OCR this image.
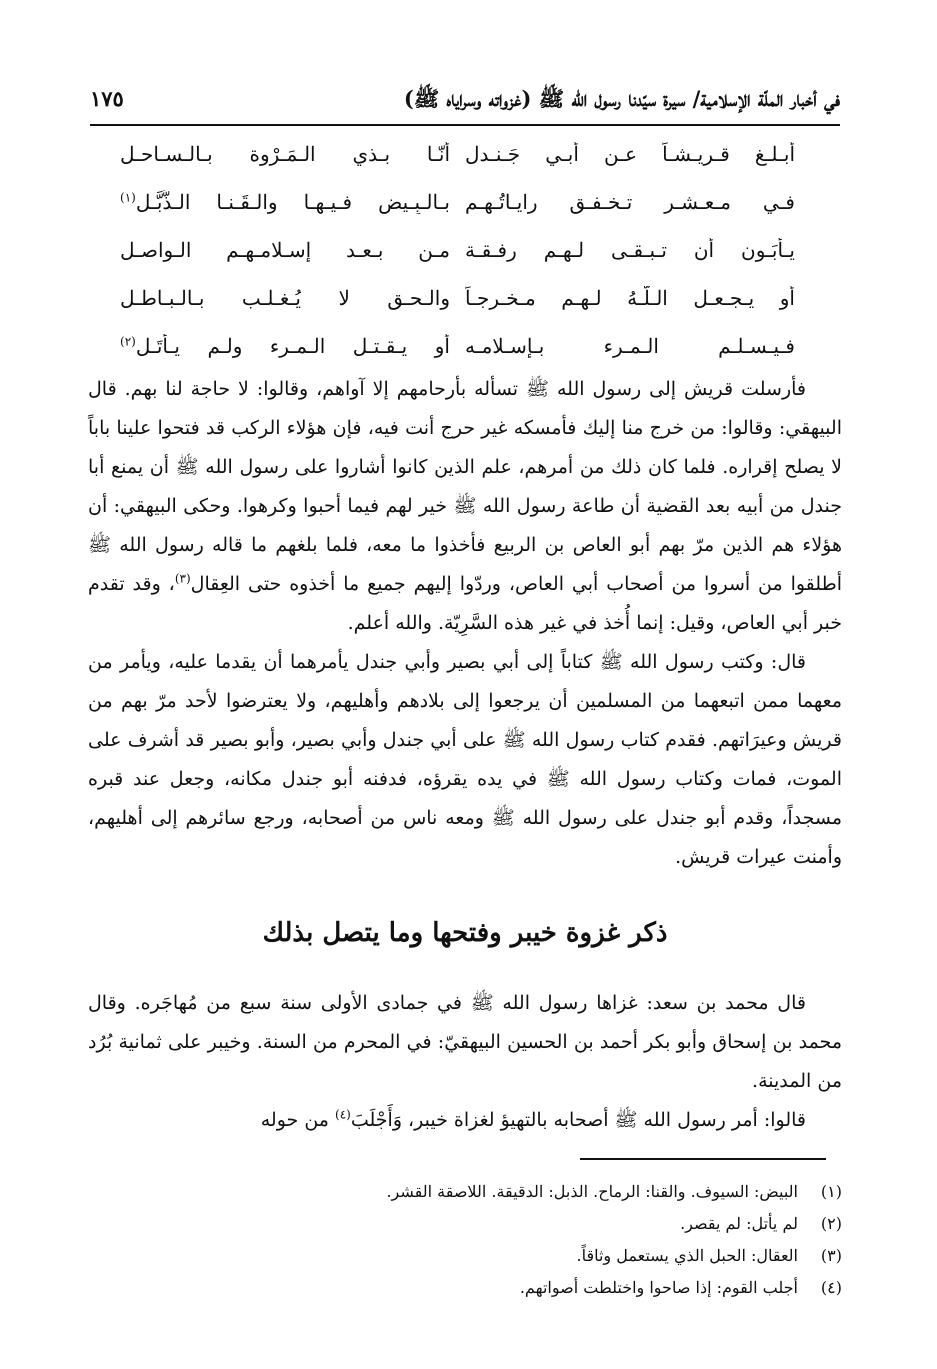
في أخبار الملّة الإسلامية/ سيرة سيّدنا رسول الله ﷺ (غزواته وسراياه ﷺ)
١٧٥
أبـلـغ قـريـشـاً عـن أبـي جَـنـدل
أنّـا بـذي الـمَـرْوة بـالـسـاحـل
فـي مـعـشـرٍ تـخـفـق رايـاتُـهـم
بـالـبِـيض فـيـهـا والـقَـنـا الـذُّبَّـلِ$^{(١)}$
يـأبَـون أن تـبـقـى لـهـم رفـقـة
مـن بـعـد إسـلامـهـم الـواصـلِ
أو يـجـعـل الـلّـهُ لـهـم مـخـرجـاً
والـحـق لا يُـغـلـب بـالـبـاطـلِ
فـيـسـلـم الـمـرء بـإسـلامـه
أو يـقـتـل الـمـرء ولـم يـأتَـلِ$^{(٢)}$

فأرسلت قريش إلى رسول الله ﷺ تسأله بأرحامهم إلا آواهم، وقالوا: لا حاجة لنا بهم. قال البيهقي: وقالوا: من خرج منا إليك فأمسكه غير حرج أنت فيه، فإن هؤلاء الركب قد فتحوا علينا باباً لا يصلح إقراره. فلما كان ذلك من أمرهم، علم الذين كانوا أشاروا على رسول الله ﷺ أن يمنع أبا جندل من أبيه بعد القضية أن طاعة رسول الله ﷺ خير لهم فيما أحبوا وكرهوا. وحكى البيهقي: أن هؤلاء هم الذين مرّ بهم أبو العاص بن الربيع فأخذوا ما معه، فلما بلغهم ما قاله رسول الله ﷺ أطلقوا من أسروا من أصحاب أبي العاص، وردّوا إليهم جميع ما أخذوه حتى العِقال$^{(٣)}$، وقد تقدم خبر أبي العاص، وقيل: إنما أُخذ في غير هذه السَّرِيّة. والله أعلم.

قال: وكتب رسول الله ﷺ كتاباً إلى أبي بصير وأبي جندل يأمرهما أن يقدما عليه، ويأمر من معهما ممن اتبعهما من المسلمين أن يرجعوا إلى بلادهم وأهليهم، ولا يعترضوا لأحد مرّ بهم من قريش وعيرَاتهم. فقدم كتاب رسول الله ﷺ على أبي جندل وأبي بصير، وأبو بصير قد أشرف على الموت، فمات وكتاب رسول الله ﷺ في يده يقرؤه، فدفنه أبو جندل مكانه، وجعل عند قبره مسجداً، وقدم أبو جندل على رسول الله ﷺ ومعه ناس من أصحابه، ورجع سائرهم إلى أهليهم، وأمنت عيرات قريش.

ذكر غزوة خيبر وفتحها وما يتصل بذلك

قال محمد بن سعد: غزاها رسول الله ﷺ في جمادى الأولى سنة سبع من مُهاجَره. وقال محمد بن إسحاق وأبو بكر أحمد بن الحسين البيهقيّ: في المحرم من السنة. وخيبر على ثمانية بُرُد من المدينة.

قالوا: أمر رسول الله ﷺ أصحابه بالتهيؤ لغزاة خيبر، وَأَجْلَبَ$^{(٤)}$ من حوله

(١)البيض: السيوف. والقنا: الرماح. الذبل: الدقيقة. اللاصقة القشر.
(٢)لم يأتل: لم يقصر.
(٣)العقال: الحبل الذي يستعمل وثاقاً.
(٤)أجلب القوم: إذا صاحوا واختلطت أصواتهم.
